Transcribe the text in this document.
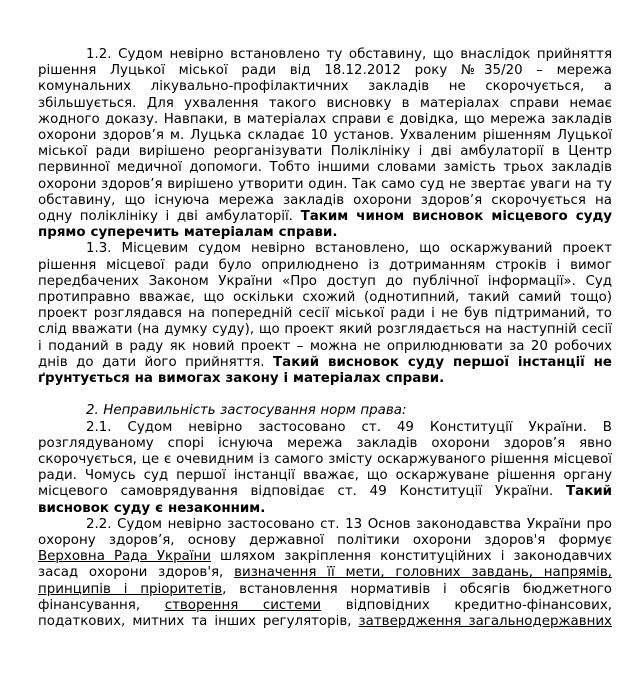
1.2. Судом невірно встановлено ту обставину, що внаслідок прийняття рішення Луцької міської ради від 18.12.2012 року №35/20 – мережа комунальних лікувально-профілактичних закладів не скорочується, а збільшується. Для ухвалення такого висновку в матеріалах справи немає жодного доказу. Навпаки, в матеріалах справи є довідка, що мережа закладів охорони здоров’я м. Луцька складає 10 установ. Ухваленим рішенням Луцької міської ради вирішено реорганізувати Поліклініку і дві амбулаторії в Центр первинної медичної допомоги. Тобто іншими словами замість трьох закладів охорони здоров’я вирішено утворити один. Так само суд не звертає уваги на ту обставину, що існуюча мережа закладів охорони здоров’я скорочується на одну поліклініку і дві амбулаторії. Таким чином висновок місцевого суду прямо суперечить матеріалам справи.

1.3. Місцевим судом невірно встановлено, що оскаржуваний проект рішення місцевої ради було оприлюднено із дотриманням строків і вимог передбачених Законом України «Про доступ до публічної інформації». Суд протиправно вважає, що оскільки схожий (однотипний, такий самий тощо) проект розглядався на попередній сесії міської ради і не був підтриманий, то слід вважати (на думку суду), що проект який розглядається на наступній сесії і поданий в раду як новий проект – можна не оприлюднювати за 20 робочих днів до дати його прийняття. Такий висновок суду першої інстанції не ґрунтується на вимогах закону і матеріалах справи.

2. Неправильність застосування норм права:

2.1. Судом невірно застосовано ст. 49 Конституції України. В розглядуваному спорі існуюча мережа закладів охорони здоров’я явно скорочується, це є очевидним із самого змісту оскаржуваного рішення місцевої ради. Чомусь суд першої інстанції вважає, що оскаржуване рішення органу місцевого самоврядування відповідає ст. 49 Конституції України. Такий висновок суду є незаконним.

2.2. Судом невірно застосовано ст. 13 Основ законодавства України про охорону здоров’я, основу державної політики охорони здоров'я формує Верховна Рада України шляхом закріплення конституційних і законодавчих засад охорони здоров'я, визначення її мети, головних завдань, напрямів, принципів і пріоритетів, встановлення нормативів і обсягів бюджетного фінансування, створення системи відповідних кредитно-фінансових, податкових, митних та інших регуляторів, затвердження загальнодержавних
